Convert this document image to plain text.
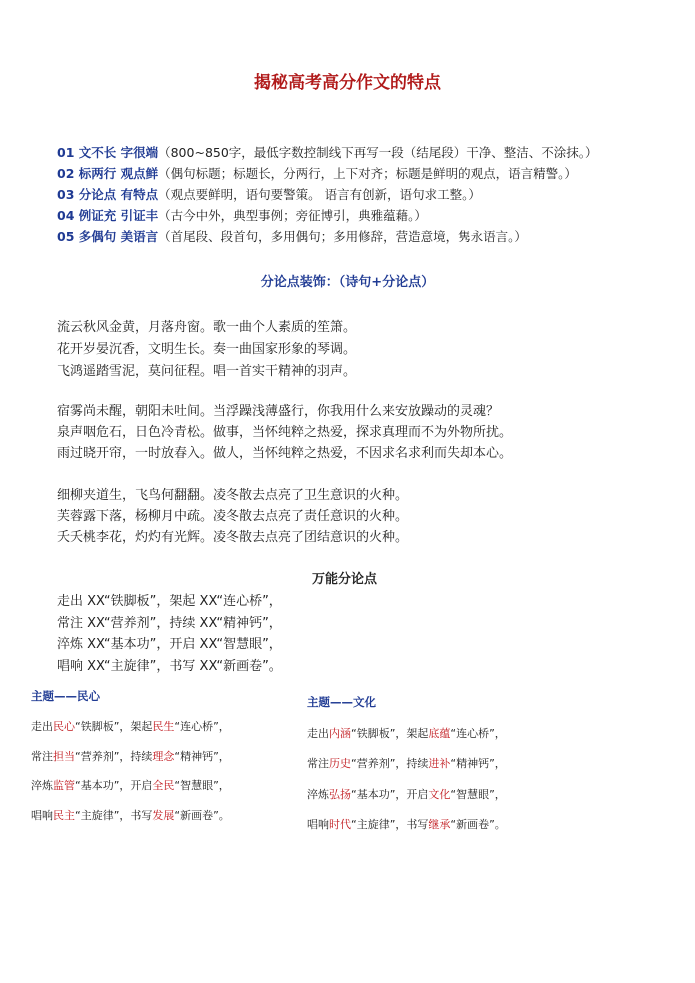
揭秘高考高分作文的特点
01 文不长 字很端（800~850字，最低字数控制线下再写一段（结尾段）干净、整洁、不涂抹。）
02 标两行 观点鲜（偶句标题；标题长，分两行，上下对齐；标题是鲜明的观点，语言精警。）
03 分论点 有特点（观点要鲜明，语句要警策。 语言有创新，语句求工整。）
04 例证充 引证丰（古今中外，典型事例；旁征博引，典雅蕴藉。）
05 多偶句 美语言（首尾段、段首句，多用偶句；多用修辞，营造意境，隽永语言。）
分论点装饰：（诗句+分论点）
流云秋风金黄，月落舟窗。歌一曲个人素质的笙箫。
花开岁晏沉香，文明生长。奏一曲国家形象的琴调。
飞鸿遥踏雪泥，莫问征程。唱一首实干精神的羽声。
宿雾尚未醒，朝阳未吐间。当浮躁浅薄盛行，你我用什么来安放躁动的灵魂？
泉声咽危石，日色冷青松。做事，当怀纯粹之热爱，探求真理而不为外物所扰。
雨过晓开帘，一时放春入。做人，当怀纯粹之热爱，不因求名求利而失却本心。
细柳夹道生，飞鸟何翻翻。凌冬散去点亮了卫生意识的火种。
芙蓉露下落，杨柳月中疏。凌冬散去点亮了责任意识的火种。
夭夭桃李花，灼灼有光辉。凌冬散去点亮了团结意识的火种。
万能分论点
走出 XX“铁脚板”，架起 XX“连心桥”，
常注 XX“营养剂”，持续 XX“精神钙”，
淬炼 XX“基本功”，开启 XX“智慧眼”，
唱响 XX“主旋律”，书写 XX“新画卷”。
主题——民心
走出民心“铁脚板”，架起民生“连心桥”，
常注担当“营养剂”，持续理念“精神钙”，
淬炼监管“基本功”，开启全民“智慧眼”，
唱响民主“主旋律”，书写发展“新画卷”。
主题——文化
走出内涵“铁脚板”，架起底蕴“连心桥”，
常注历史“营养剂”，持续进补“精神钙”，
淬炼弘扬“基本功”，开启文化“智慧眼”，
唱响时代“主旋律”，书写继承“新画卷”。
